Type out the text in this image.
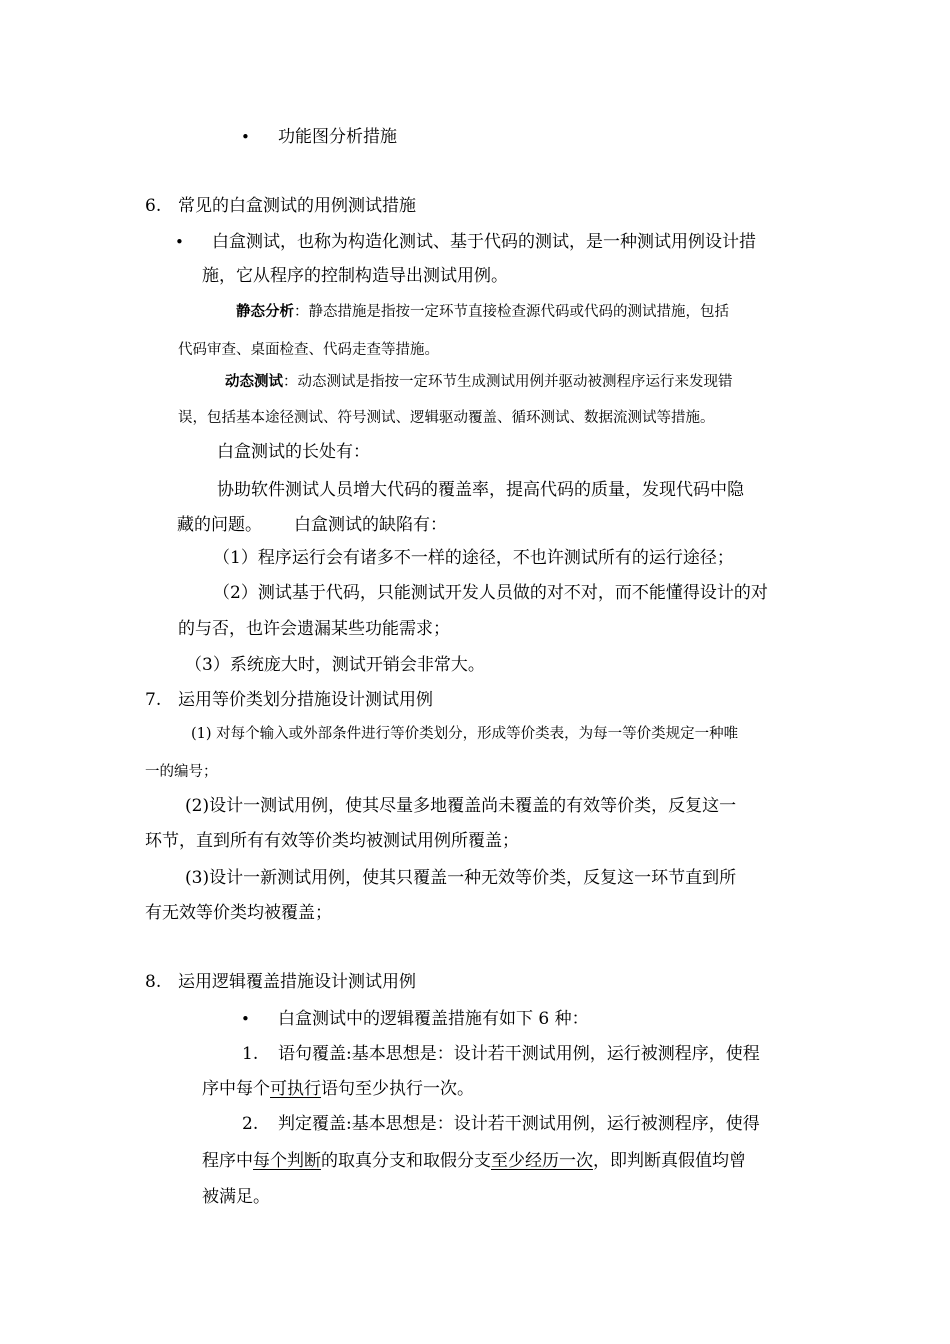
• 功能图分析措施
6. 常见的白盒测试的用例测试措施
• 白盒测试，也称为构造化测试、基于代码的测试，是一种测试用例设计措
施，它从程序的控制构造导出测试用例。
静态分析：静态措施是指按一定环节直接检查源代码或代码的测试措施，包括
代码审查、桌面检查、代码走查等措施。
动态测试：动态测试是指按一定环节生成测试用例并驱动被测程序运行来发现错
误，包括基本途径测试、符号测试、逻辑驱动覆盖、循环测试、数据流测试等措施。
白盒测试的长处有：
协助软件测试人员增大代码的覆盖率，提高代码的质量，发现代码中隐
藏的问题。 白盒测试的缺陷有：
（1）程序运行会有诸多不一样的途径，不也许测试所有的运行途径；
（2）测试基于代码，只能测试开发人员做的对不对，而不能懂得设计的对
的与否，也许会遗漏某些功能需求；
（3）系统庞大时，测试开销会非常大。
7. 运用等价类划分措施设计测试用例
(1) 对每个输入或外部条件进行等价类划分，形成等价类表，为每一等价类规定一种唯
一的编号；
(2)设计一测试用例，使其尽量多地覆盖尚未覆盖的有效等价类，反复这一
环节，直到所有有效等价类均被测试用例所覆盖；
(3)设计一新测试用例，使其只覆盖一种无效等价类，反复这一环节直到所
有无效等价类均被覆盖；
8. 运用逻辑覆盖措施设计测试用例
• 白盒测试中的逻辑覆盖措施有如下 6 种：
1. 语句覆盖:基本思想是：设计若干测试用例，运行被测程序，使程
序中每个可执行语句至少执行一次。
2. 判定覆盖:基本思想是：设计若干测试用例，运行被测程序，使得
程序中每个判断的取真分支和取假分支至少经历一次，即判断真假值均曾
被满足。
